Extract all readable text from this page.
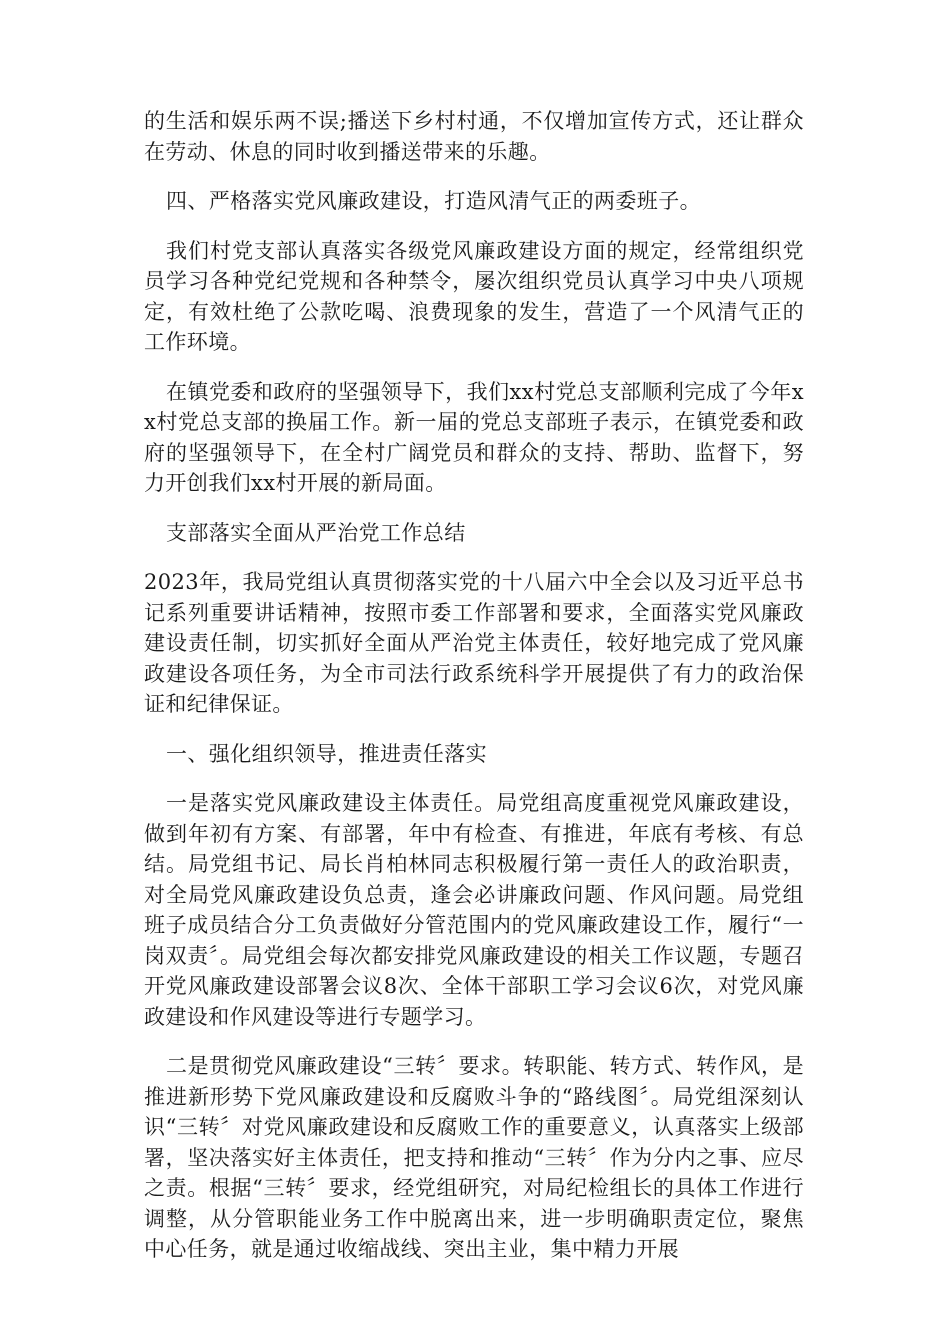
的生活和娱乐两不误;播送下乡村村通，不仅增加宣传方式，还让群众在劳动、休息的同时收到播送带来的乐趣。

四、严格落实党风廉政建设，打造风清气正的两委班子。

我们村党支部认真落实各级党风廉政建设方面的规定，经常组织党员学习各种党纪党规和各种禁令，屡次组织党员认真学习中央八项规定，有效杜绝了公款吃喝、浪费现象的发生，营造了一个风清气正的工作环境。

在镇党委和政府的坚强领导下，我们xx村党总支部顺利完成了今年xx村党总支部的换届工作。新一届的党总支部班子表示，在镇党委和政府的坚强领导下，在全村广阔党员和群众的支持、帮助、监督下，努力开创我们xx村开展的新局面。

支部落实全面从严治党工作总结

2023年，我局党组认真贯彻落实党的十八届六中全会以及习近平总书记系列重要讲话精神，按照市委工作部署和要求，全面落实党风廉政建设责任制，切实抓好全面从严治党主体责任，较好地完成了党风廉政建设各项任务，为全市司法行政系统科学开展提供了有力的政治保证和纪律保证。

一、强化组织领导，推进责任落实

一是落实党风廉政建设主体责任。局党组高度重视党风廉政建设，做到年初有方案、有部署，年中有检查、有推进，年底有考核、有总结。局党组书记、局长肖柏林同志积极履行第一责任人的政治职责，对全局党风廉政建设负总责，逢会必讲廉政问题、作风问题。局党组班子成员结合分工负责做好分管范围内的党风廉政建设工作，履行“一岗双责〞。局党组会每次都安排党风廉政建设的相关工作议题，专题召开党风廉政建设部署会议8次、全体干部职工学习会议6次，对党风廉政建设和作风建设等进行专题学习。

二是贯彻党风廉政建设“三转〞要求。转职能、转方式、转作风，是推进新形势下党风廉政建设和反腐败斗争的“路线图〞。局党组深刻认识“三转〞对党风廉政建设和反腐败工作的重要意义，认真落实上级部署，坚决落实好主体责任，把支持和推动“三转〞作为分内之事、应尽之责。根据“三转〞要求，经党组研究，对局纪检组长的具体工作进行调整，从分管职能业务工作中脱离出来，进一步明确职责定位，聚焦中心任务，就是通过收缩战线、突出主业，集中精力开展
